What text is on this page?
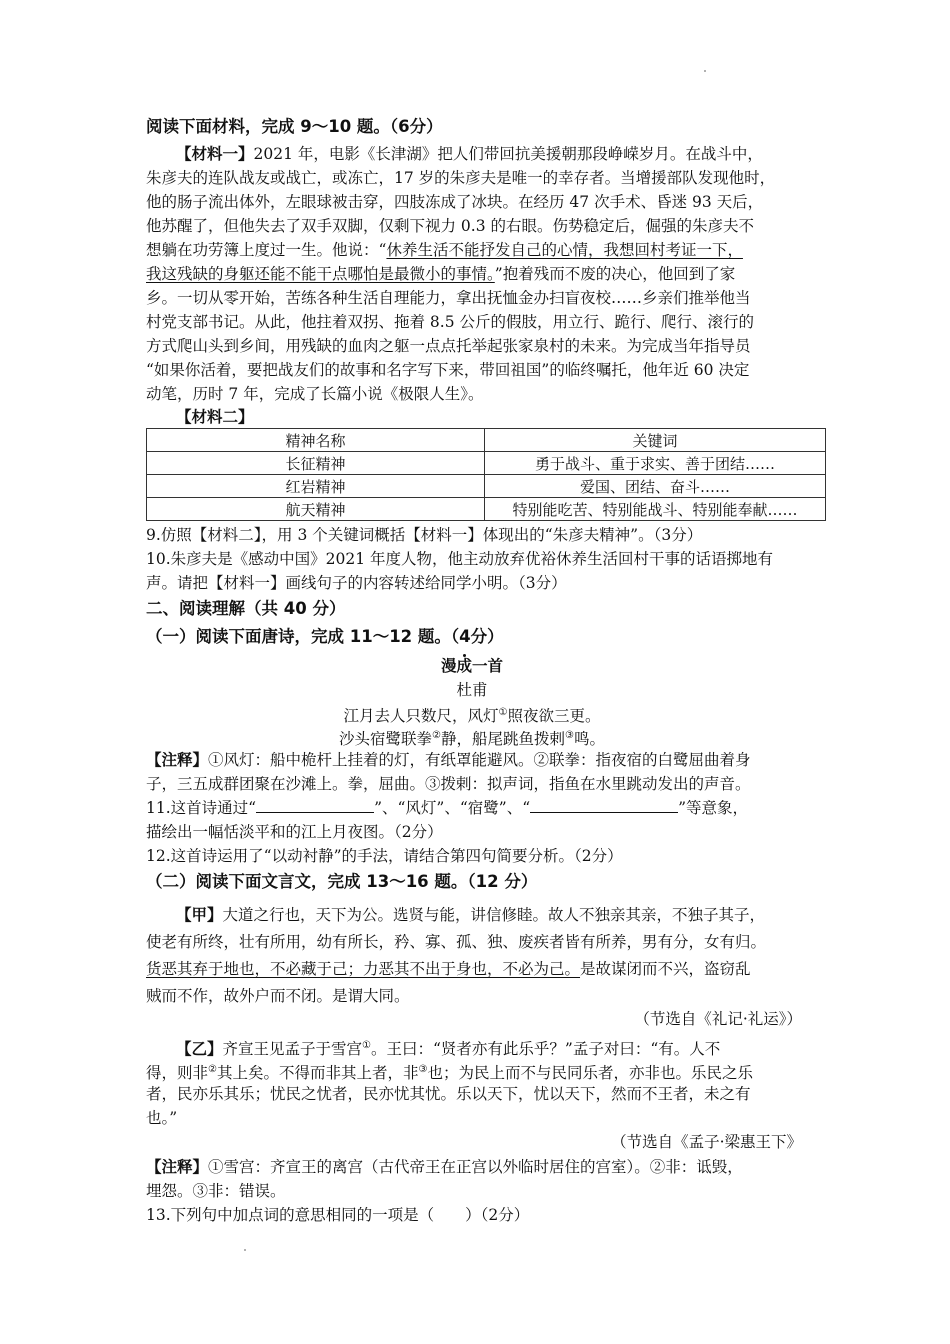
阅读下面材料，完成 9～10 题。（6分）
【材料一】2021 年，电影《长津湖》把人们带回抗美援朝那段峥嵘岁月。在战斗中，
朱彦夫的连队战友或战亡，或冻亡，17 岁的朱彦夫是唯一的幸存者。当增援部队发现他时，
他的肠子流出体外，左眼球被击穿，四肢冻成了冰块。在经历 47 次手术、昏迷 93 天后，
他苏醒了，但他失去了双手双脚，仅剩下视力 0.3 的右眼。伤势稳定后，倔强的朱彦夫不
想躺在功劳簿上度过一生。他说：“休养生活不能抒发自己的心情，我想回村考证一下，
我这残缺的身躯还能不能干点哪怕是最微小的事情。”抱着残而不废的决心，他回到了家
乡。一切从零开始，苦练各种生活自理能力，拿出抚恤金办扫盲夜校……乡亲们推举他当
村党支部书记。从此，他拄着双拐、拖着 8.5 公斤的假肢，用立行、跪行、爬行、滚行的
方式爬山头到乡间，用残缺的血肉之躯一点点托举起张家泉村的未来。为完成当年指导员
“如果你活着，要把战友们的故事和名字写下来，带回祖国”的临终嘱托，他年近 60 决定
动笔，历时 7 年，完成了长篇小说《极限人生》。
【材料二】
精神名称	关键词
长征精神	勇于战斗、重于求实、善于团结……
红岩精神	爱国、团结、奋斗……
航天精神	特别能吃苦、特别能战斗、特别能奉献……
9.仿照【材料二】，用 3 个关键词概括【材料一】体现出的“朱彦夫精神”。（3分）
10.朱彦夫是《感动中国》2021 年度人物，他主动放弃优裕休养生活回村干事的话语掷地有
声。请把【材料一】画线句子的内容转述给同学小明。（3分）
二、阅读理解（共 40 分）
（一）阅读下面唐诗，完成 11～12 题。（4分）
漫成一首
杜甫
江月去人只数尺，风灯①照夜欲三更。
沙头宿鹭联拳②静，船尾跳鱼拨剌③鸣。
【注释】①风灯：船中桅杆上挂着的灯，有纸罩能避风。②联拳：指夜宿的白鹭屈曲着身
子，三五成群团聚在沙滩上。拳，屈曲。③拨剌：拟声词，指鱼在水里跳动发出的声音。
11.这首诗通过“	”、“风灯”、“宿鹭”、“	”等意象，
描绘出一幅恬淡平和的江上月夜图。（2分）
12.这首诗运用了“以动衬静”的手法，请结合第四句简要分析。（2分）
（二）阅读下面文言文，完成 13～16 题。（12 分）
【甲】大道之行也，天下为公。选贤与能，讲信修睦。故人不独亲其亲，不独子其子，
使老有所终，壮有所用，幼有所长，矜、寡、孤、独、废疾者皆有所养，男有分，女有归。
货恶其弃于地也，不必藏于己；力恶其不出于身也，不必为己。是故谋闭而不兴，盗窃乱
贼而不作，故外户而不闭。是谓大同。
（节选自《礼记·礼运》）
【乙】齐宣王见孟子于雪宫①。王曰：“贤者亦有此乐乎？”孟子对曰：“有。人不
得，则非②其上矣。不得而非其上者，非③也；为民上而不与民同乐者，亦非也。乐民之乐
者，民亦乐其乐；忧民之忧者，民亦忧其忧。乐以天下，忧以天下，然而不王者，未之有
也。”
（节选自《孟子·梁惠王下》
【注释】①雪宫：齐宣王的离宫（古代帝王在正宫以外临时居住的宫室）。②非：诋毁，
埋怨。③非：错误。
13.下列句中加点词的意思相同的一项是（　　）（2分）
